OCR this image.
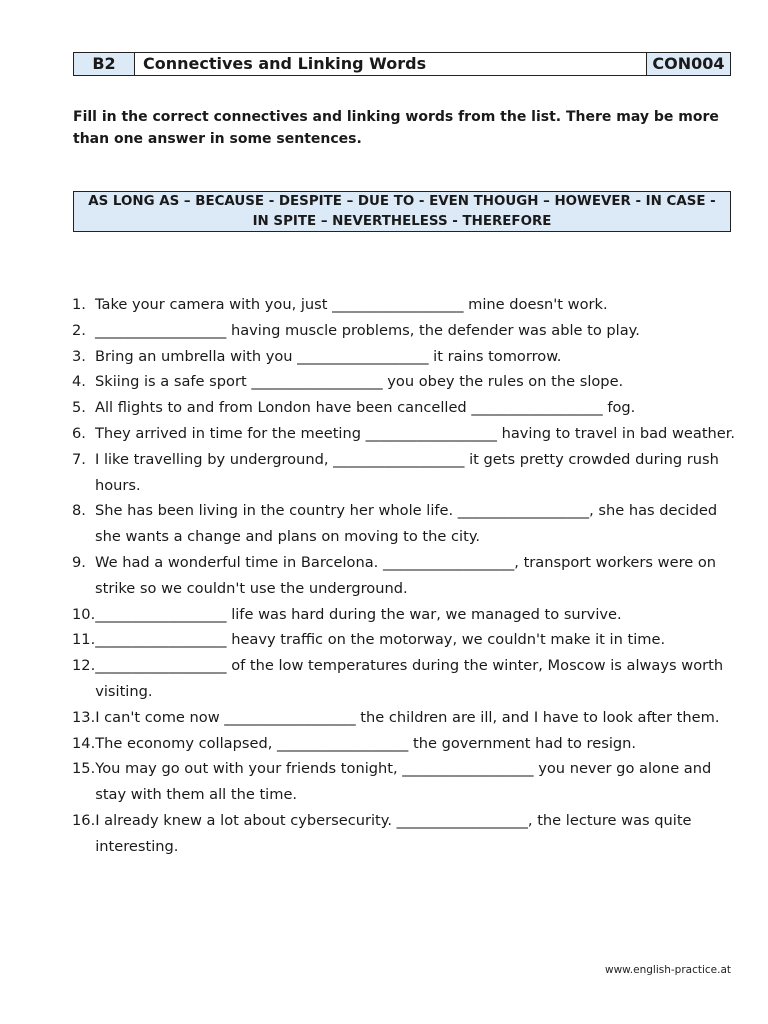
B2	Connectives and Linking Words	CON004
Fill in the correct connectives and linking words from the list. There may be more than one answer in some sentences.
AS LONG AS – BECAUSE - DESPITE – DUE TO - EVEN THOUGH – HOWEVER - IN CASE -
IN SPITE – NEVERTHELESS - THEREFORE
1. Take your camera with you, just __________________ mine doesn't work.
2. __________________ having muscle problems, the defender was able to play.
3. Bring an umbrella with you __________________ it rains tomorrow.
4. Skiing is a safe sport __________________ you obey the rules on the slope.
5. All flights to and from London have been cancelled __________________ fog.
6. They arrived in time for the meeting __________________ having to travel in bad weather.
7. I like travelling by underground, __________________ it gets pretty crowded during rush hours.
8. She has been living in the country her whole life. __________________, she has decided she wants a change and plans on moving to the city.
9. We had a wonderful time in Barcelona. __________________, transport workers were on strike so we couldn't use the underground.
10. __________________ life was hard during the war, we managed to survive.
11. __________________ heavy traffic on the motorway, we couldn't make it in time.
12. __________________ of the low temperatures during the winter, Moscow is always worth visiting.
13. I can't come now __________________ the children are ill, and I have to look after them.
14. The economy collapsed, __________________ the government had to resign.
15. You may go out with your friends tonight, __________________ you never go alone and stay with them all the time.
16. I already knew a lot about cybersecurity. __________________, the lecture was quite interesting.
www.english-practice.at
